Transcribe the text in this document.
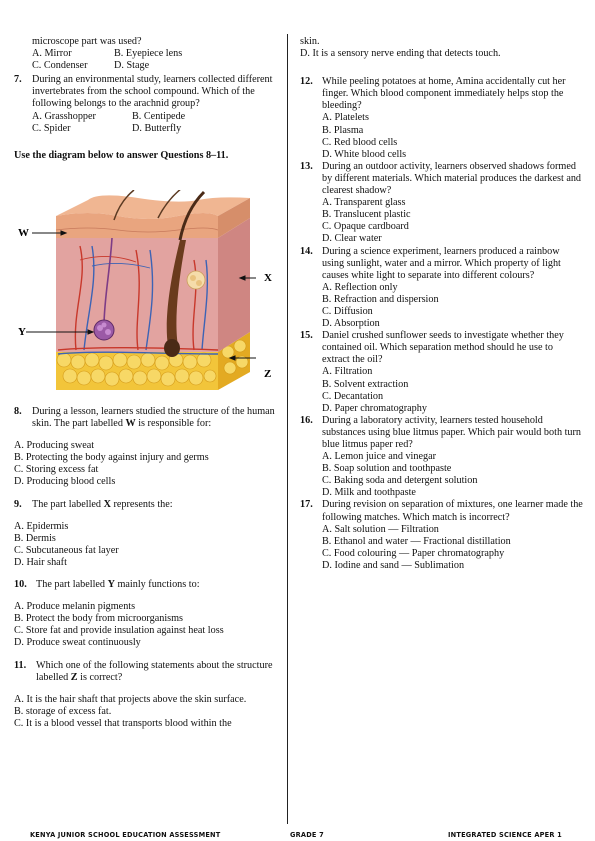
microscope part was used?
A. Mirror	B. Eyepiece lens
C. Condenser	D. Stage
7.	During an environmental study, learners collected different invertebrates from the school compound. Which of the following belongs to the arachnid group?
A. Grasshopper	B. Centipede
C. Spider	D. Butterfly
Use the diagram below to answer Questions 8–11.
W
X
Y
Z
8.	During a lesson, learners studied the structure of the human skin. The part labelled W is responsible for:
A. Producing sweat
B. Protecting the body against injury and germs
C. Storing excess fat
D. Producing blood cells
9.	The part labelled X represents the:
A. Epidermis
B. Dermis
C. Subcutaneous fat layer
D. Hair shaft
10. The part labelled Y mainly functions to:
A. Produce melanin pigments
B. Protect the body from microorganisms
C. Store fat and provide insulation against heat loss
D. Produce sweat continuously
11. Which one of the following statements about the structure labelled Z is correct?
A. It is the hair shaft that projects above the skin surface.
B. storage of excess fat.
C. It is a blood vessel that transports blood within the
skin.
D. It is a sensory nerve ending that detects touch.
12. While peeling potatoes at home, Amina accidentally cut her finger. Which blood component immediately helps stop the bleeding?
A. Platelets
B. Plasma
C. Red blood cells
D. White blood cells
13. During an outdoor activity, learners observed shadows formed by different materials. Which material produces the darkest and clearest shadow?
A. Transparent glass
B. Translucent plastic
C. Opaque cardboard
D. Clear water
14. During a science experiment, learners produced a rainbow using sunlight, water and a mirror. Which property of light causes white light to separate into different colours?
A. Reflection only
B. Refraction and dispersion
C. Diffusion
D. Absorption
15. Daniel crushed sunflower seeds to investigate whether they contained oil. Which separation method should he use to extract the oil?
A. Filtration
B. Solvent extraction
C. Decantation
D. Paper chromatography
16. During a laboratory activity, learners tested household substances using blue litmus paper. Which pair would both turn blue litmus paper red?
A. Lemon juice and vinegar
B. Soap solution and toothpaste
C. Baking soda and detergent solution
D. Milk and toothpaste
17. During revision on separation of mixtures, one learner made the following matches. Which match is incorrect?
A. Salt solution — Filtration
B. Ethanol and water — Fractional distillation
C. Food colouring — Paper chromatography
D. Iodine and sand — Sublimation
KENYA JUNIOR SCHOOL EDUCATION ASSESSMENT	GRADE 7	INTEGRATED SCIENCE APER 1
